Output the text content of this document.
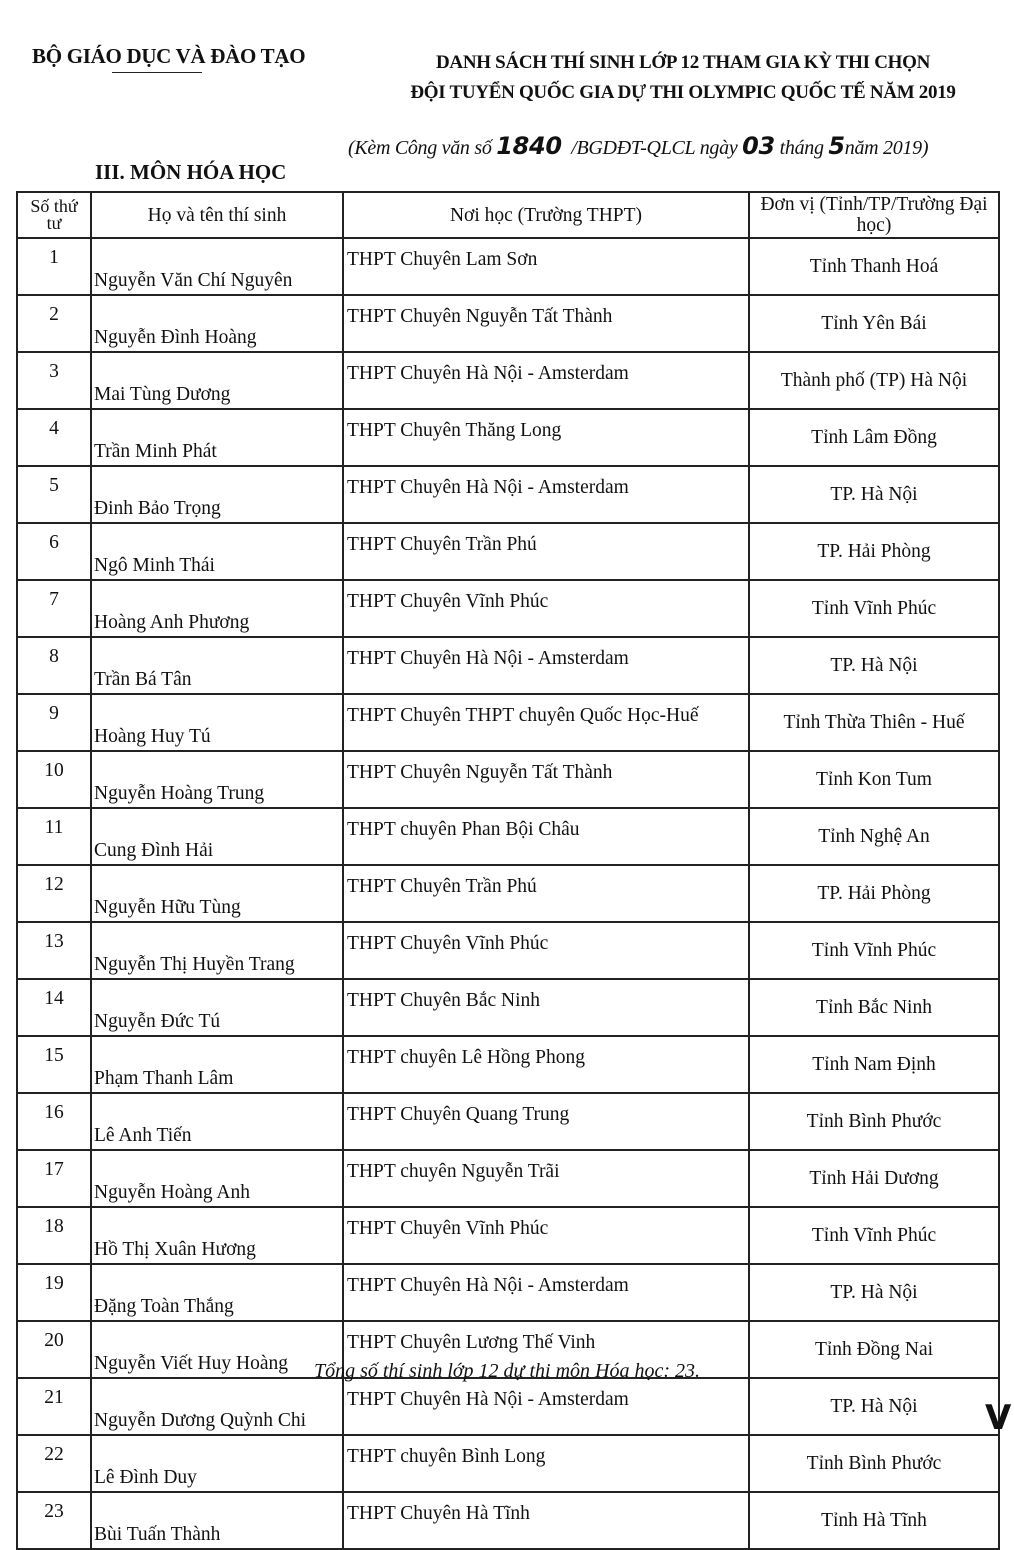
BỘ GIÁO DỤC VÀ ĐÀO TẠO	DANH SÁCH THÍ SINH LỚP 12 THAM GIA KỲ THI CHỌN
ĐỘI TUYỂN QUỐC GIA DỰ THI OLYMPIC QUỐC TẾ NĂM 2019
(Kèm Công văn số 1840  /BGDĐT-QLCL ngày 03 tháng 5năm 2019)
III. MÔN HÓA HỌC
Số thứ tư	Họ và tên thí sinh	Nơi học (Trường THPT)	Đơn vị (Tỉnh/TP/Trường Đại học)
1	Nguyễn Văn Chí Nguyên	THPT Chuyên Lam Sơn	Tỉnh Thanh Hoá
2	Nguyễn Đình Hoàng	THPT Chuyên Nguyễn Tất Thành	Tỉnh Yên Bái
3	Mai Tùng Dương	THPT Chuyên Hà Nội - Amsterdam	Thành phố (TP) Hà Nội
4	Trần Minh Phát	THPT Chuyên Thăng Long	Tỉnh Lâm Đồng
5	Đinh Bảo Trọng	THPT Chuyên Hà Nội - Amsterdam	TP. Hà Nội
6	Ngô Minh Thái	THPT Chuyên Trần Phú	TP. Hải Phòng
7	Hoàng Anh Phương	THPT Chuyên Vĩnh Phúc	Tỉnh Vĩnh Phúc
8	Trần Bá Tân	THPT Chuyên Hà Nội - Amsterdam	TP. Hà Nội
9	Hoàng Huy Tú	THPT Chuyên THPT chuyên Quốc Học-Huế	Tỉnh Thừa Thiên - Huế
10	Nguyễn Hoàng Trung	THPT Chuyên Nguyễn Tất Thành	Tỉnh Kon Tum
11	Cung Đình Hải	THPT chuyên Phan Bội Châu	Tỉnh Nghệ An
12	Nguyễn Hữu Tùng	THPT Chuyên Trần Phú	TP. Hải Phòng
13	Nguyễn Thị Huyền Trang	THPT Chuyên Vĩnh Phúc	Tỉnh Vĩnh Phúc
14	Nguyễn Đức Tú	THPT Chuyên Bắc Ninh	Tỉnh Bắc Ninh
15	Phạm Thanh Lâm	THPT chuyên Lê Hồng Phong	Tỉnh Nam Định
16	Lê Anh Tiến	THPT Chuyên Quang Trung	Tỉnh Bình Phước
17	Nguyễn Hoàng Anh	THPT chuyên Nguyễn Trãi	Tỉnh Hải Dương
18	Hồ Thị Xuân Hương	THPT Chuyên Vĩnh Phúc	Tỉnh Vĩnh Phúc
19	Đặng Toàn Thắng	THPT Chuyên Hà Nội - Amsterdam	TP. Hà Nội
20	Nguyễn Viết Huy Hoàng	THPT Chuyên Lương Thế Vinh	Tỉnh Đồng Nai
21	Nguyễn Dương Quỳnh Chi	THPT Chuyên Hà Nội - Amsterdam	TP. Hà Nội
22	Lê Đình Duy	THPT chuyên Bình Long	Tỉnh Bình Phước
23	Bùi Tuấn Thành	THPT Chuyên Hà Tĩnh	Tỉnh Hà Tĩnh
Tổng số thí sinh lớp 12 dự thi môn Hóa học: 23.
V
